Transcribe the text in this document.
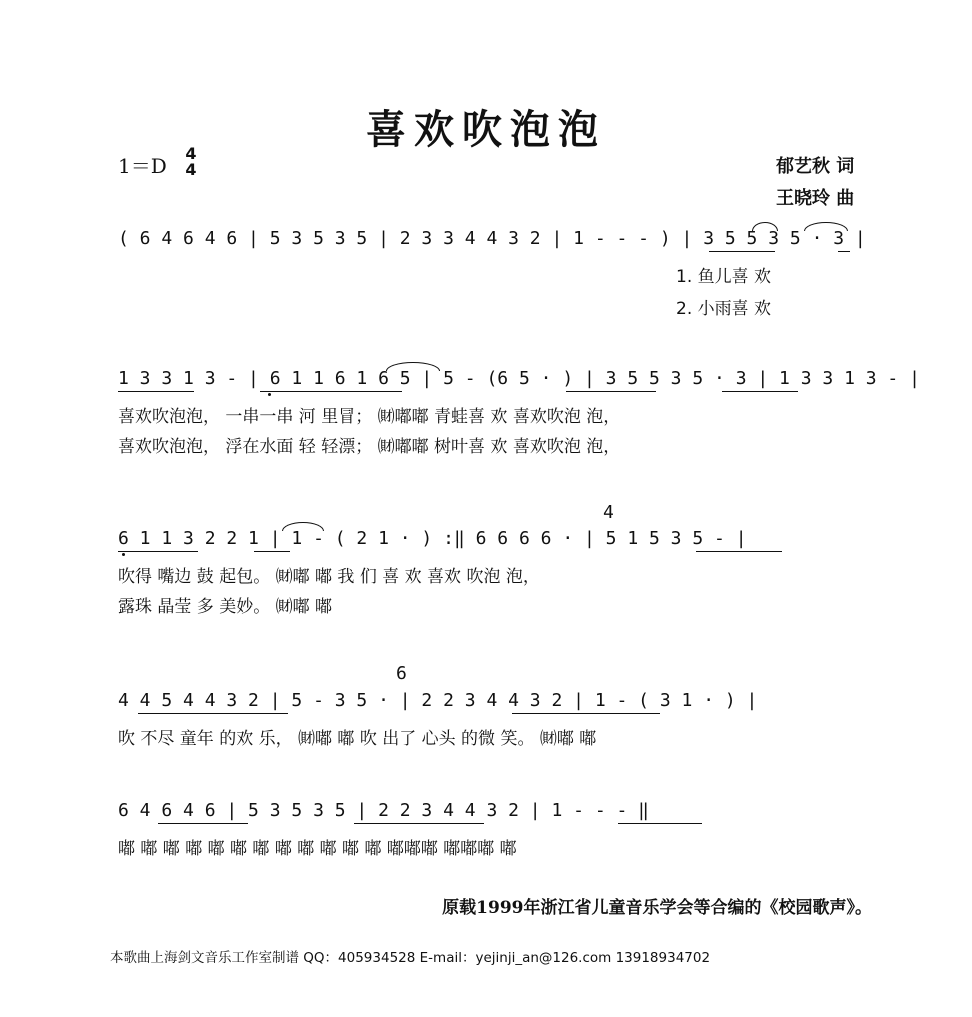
喜欢吹泡泡
1＝D
4
4	郁艺秋 词
王晓玲 曲
( 6 4 6 4 6 | 5 3 5 3 5 | 2 3 3 4 4 3 2 | 1 - - - ) | 3 5 5 3 5 · 3 |
1. 鱼儿喜 欢
2. 小雨喜 欢
1 3 3 1 3 - | 6 1 1 6 1 6 5 | 5 - (6 5 · ) | 3 5 5 3 5 · 3 | 1 3 3 1 3 - |
喜欢吹泡泡， 一串一串 河 里冒； ㈶嘟嘟 青蛙喜 欢 喜欢吹泡 泡，
喜欢吹泡泡， 浮在水面 轻 轻漂； ㈶嘟嘟 树叶喜 欢 喜欢吹泡 泡，
4
6 1 1 3 2 2 1 | 1 - ( 2 1 · ) :‖ 6 6 6 6 · | 5 1 5 3 5 - |
吹得 嘴边 鼓 起包。 ㈶嘟 嘟 我 们 喜 欢 喜欢 吹泡 泡，
露珠 晶莹 多 美妙。 ㈶嘟 嘟
6
4 4 5 4 4 3 2 | 5 - 3 5 · | 2 2 3 4 4 3 2 | 1 - ( 3 1 · ) |
吹 不尽 童年 的欢 乐， ㈶嘟 嘟 吹 出了 心头 的微 笑。 ㈶嘟 嘟
6 4 6 4 6 | 5 3 5 3 5 | 2 2 3 4 4 3 2 | 1 - - - ‖
嘟 嘟 嘟 嘟 嘟 嘟 嘟 嘟 嘟 嘟 嘟 嘟 嘟嘟嘟 嘟嘟嘟 嘟
原载1999年浙江省儿童音乐学会等合编的《校园歌声》。
本歌曲上海剑文音乐工作室制谱 QQ：405934528 E-mail：yejinji_an@126.com 13918934702
